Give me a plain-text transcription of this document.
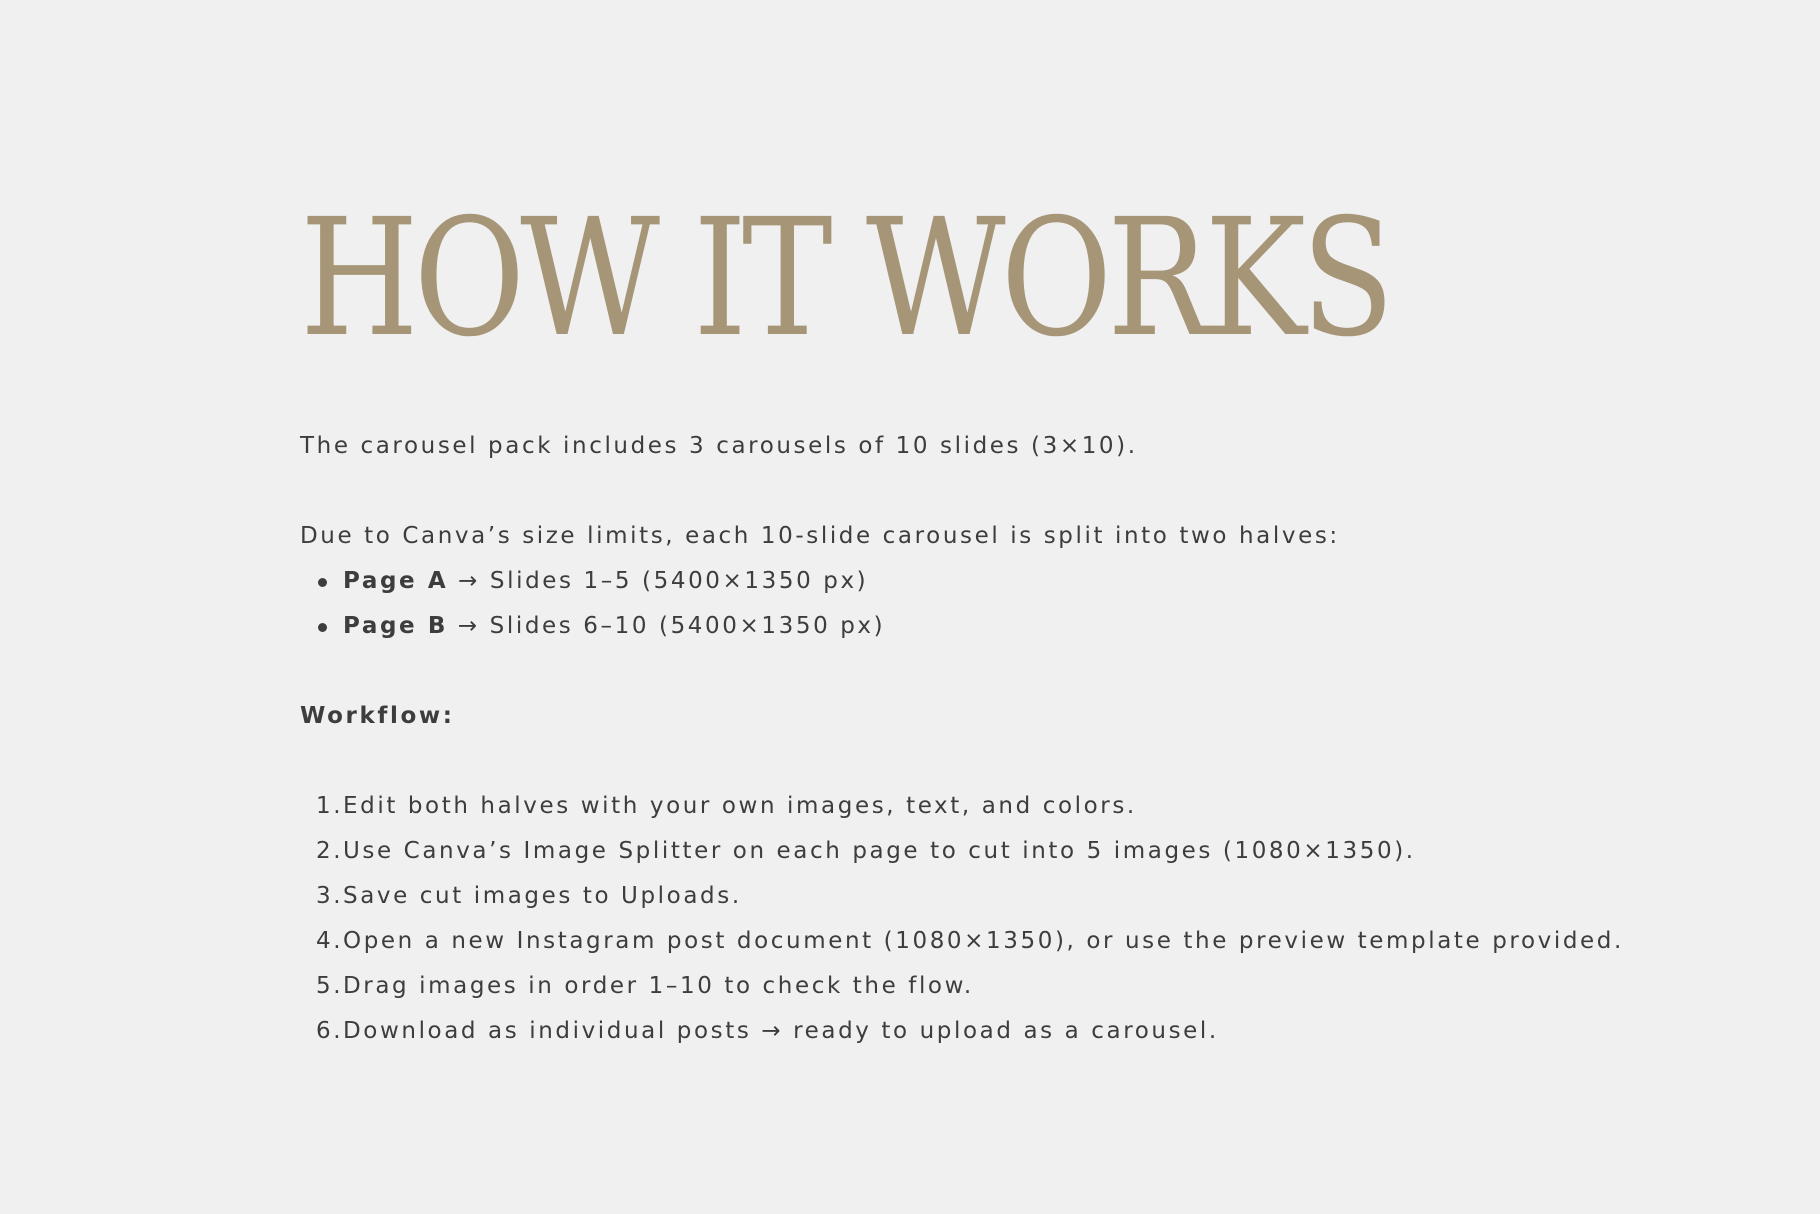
HOW IT WORKS
The carousel pack includes 3 carousels of 10 slides (3×10).
Due to Canva’s size limits, each 10-slide carousel is split into two halves:
Page A → Slides 1–5 (5400×1350 px)
Page B → Slides 6–10 (5400×1350 px)
Workflow:
1. Edit both halves with your own images, text, and colors.
2. Use Canva’s Image Splitter on each page to cut into 5 images (1080×1350).
3. Save cut images to Uploads.
4. Open a new Instagram post document (1080×1350), or use the preview template provided.
5. Drag images in order 1–10 to check the flow.
6. Download as individual posts → ready to upload as a carousel.
